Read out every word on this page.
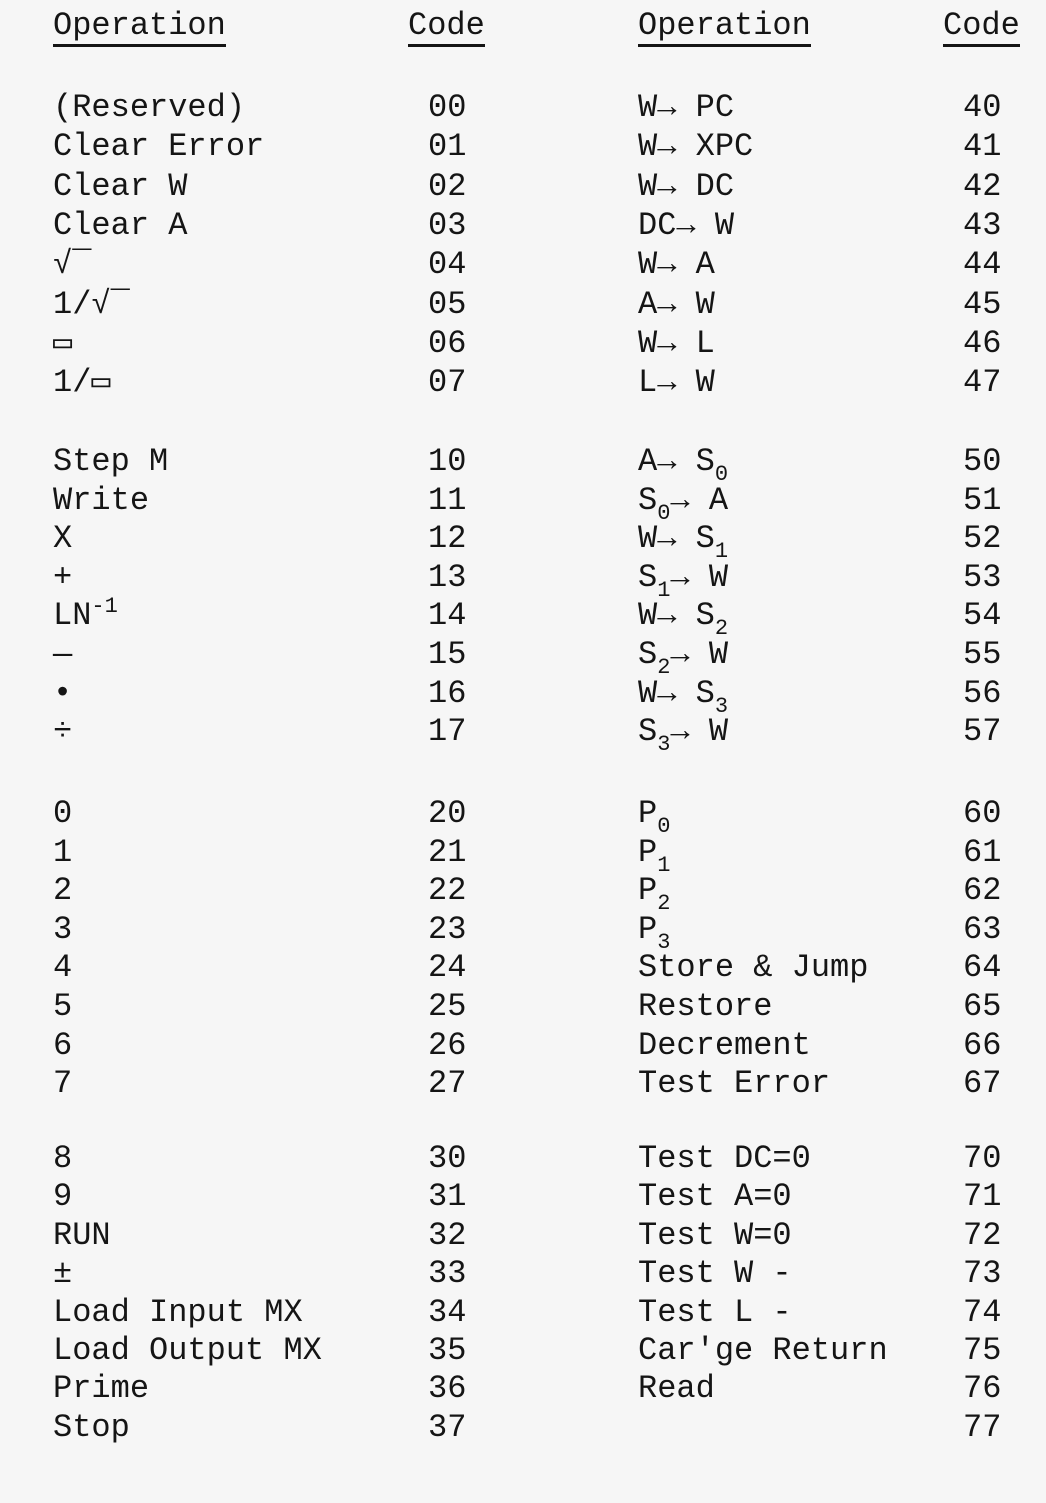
Operation	Code	Operation	Code
(Reserved)	00
Clear Error	01
Clear W	02
Clear A	03
√‾	04
1/√‾	05
▭	06
1/▭	07
Step M	10
Write	11
X	12
+	13
$LN^{-1}$	14
—	15
•	16
÷	17
0	20
1	21
2	22
3	23
4	24
5	25
6	26
7	27
8	30
9	31
RUN	32
±	33
Load Input MX	34
Load Output MX	35
Prime	36
Stop	37
W→ PC	40
W→ XPC	41
W→ DC	42
DC→ W	43
W→ A	44
A→ W	45
W→ L	46
L→ W	47
$A\to S_0$	50
$S_0\to A$	51
$W\to S_1$	52
$S_1\to W$	53
$W\to S_2$	54
$S_2\to W$	55
$W\to S_3$	56
$S_3\to W$	57
$P_0$	60
$P_1$	61
$P_2$	62
$P_3$	63
Store & Jump	64
Restore	65
Decrement	66
Test Error	67
Test DC=0	70
Test A=0	71
Test W=0	72
Test W -	73
Test L -	74
Car'ge Return 75
Read	76
77
